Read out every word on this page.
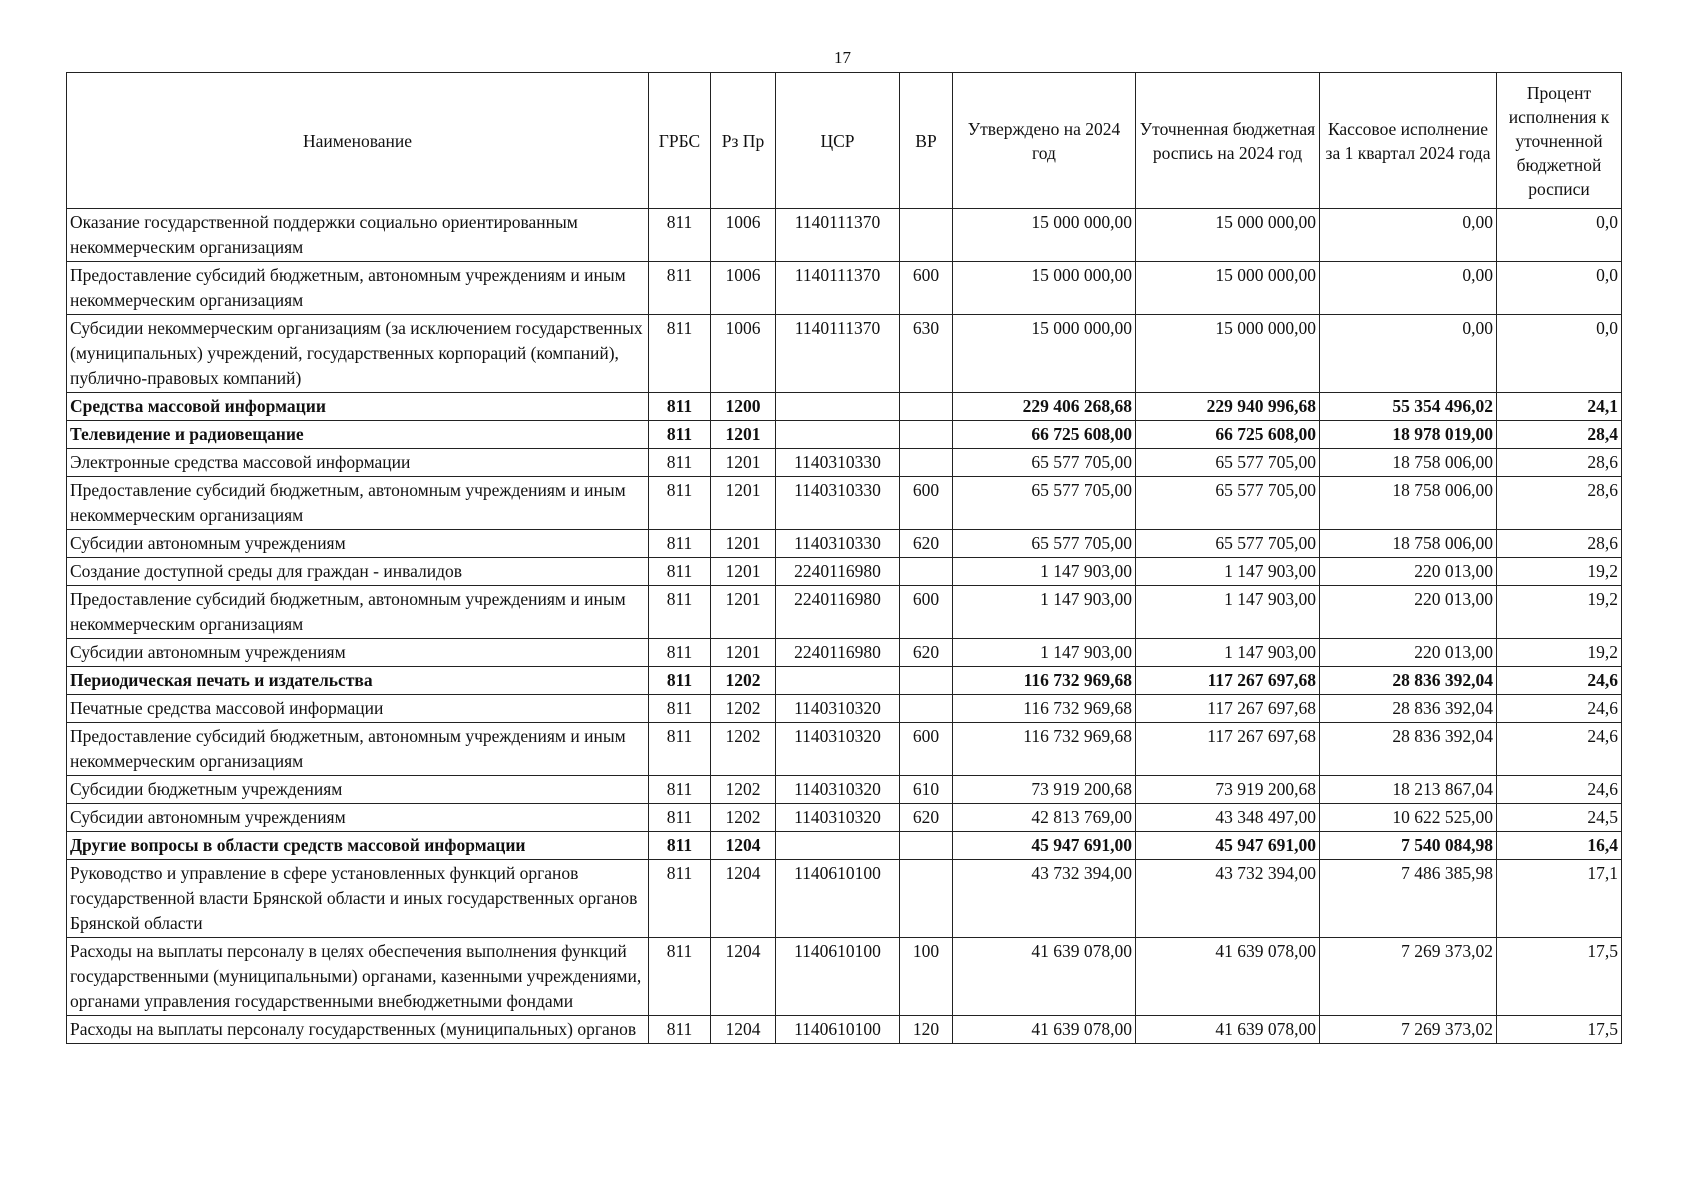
17
Наименование	ГРБС	Рз Пр	ЦСР	ВР	Утверждено на 2024 год	Уточненная бюджетная роспись на 2024 год	Кассовое исполнение за 1 квартал 2024 года	Процент исполнения к уточненной бюджетной росписи
Оказание государственной поддержки социально ориентированным некоммерческим организациям	811	1006	1140111370		15 000 000,00	15 000 000,00	0,00	0,0
Предоставление субсидий бюджетным, автономным учреждениям и иным некоммерческим организациям	811	1006	1140111370	600	15 000 000,00	15 000 000,00	0,00	0,0
Субсидии некоммерческим организациям (за исключением государственных (муниципальных) учреждений, государственных корпораций (компаний), публично-правовых компаний)	811	1006	1140111370	630	15 000 000,00	15 000 000,00	0,00	0,0
Средства массовой информации	811	1200			229 406 268,68	229 940 996,68	55 354 496,02	24,1
Телевидение и радиовещание	811	1201			66 725 608,00	66 725 608,00	18 978 019,00	28,4
Электронные средства массовой информации	811	1201	1140310330		65 577 705,00	65 577 705,00	18 758 006,00	28,6
Предоставление субсидий бюджетным, автономным учреждениям и иным некоммерческим организациям	811	1201	1140310330	600	65 577 705,00	65 577 705,00	18 758 006,00	28,6
Субсидии автономным учреждениям	811	1201	1140310330	620	65 577 705,00	65 577 705,00	18 758 006,00	28,6
Создание доступной среды для граждан - инвалидов	811	1201	2240116980		1 147 903,00	1 147 903,00	220 013,00	19,2
Предоставление субсидий бюджетным, автономным учреждениям и иным некоммерческим организациям	811	1201	2240116980	600	1 147 903,00	1 147 903,00	220 013,00	19,2
Субсидии автономным учреждениям	811	1201	2240116980	620	1 147 903,00	1 147 903,00	220 013,00	19,2
Периодическая печать и издательства	811	1202			116 732 969,68	117 267 697,68	28 836 392,04	24,6
Печатные средства массовой информации	811	1202	1140310320		116 732 969,68	117 267 697,68	28 836 392,04	24,6
Предоставление субсидий бюджетным, автономным учреждениям и иным некоммерческим организациям	811	1202	1140310320	600	116 732 969,68	117 267 697,68	28 836 392,04	24,6
Субсидии бюджетным учреждениям	811	1202	1140310320	610	73 919 200,68	73 919 200,68	18 213 867,04	24,6
Субсидии автономным учреждениям	811	1202	1140310320	620	42 813 769,00	43 348 497,00	10 622 525,00	24,5
Другие вопросы в области средств массовой информации	811	1204			45 947 691,00	45 947 691,00	7 540 084,98	16,4
Руководство и управление в сфере установленных функций органов государственной власти Брянской области и иных государственных органов Брянской области	811	1204	1140610100		43 732 394,00	43 732 394,00	7 486 385,98	17,1
Расходы на выплаты персоналу в целях обеспечения выполнения функций государственными (муниципальными) органами, казенными учреждениями, органами управления государственными внебюджетными фондами	811	1204	1140610100	100	41 639 078,00	41 639 078,00	7 269 373,02	17,5
Расходы на выплаты персоналу государственных (муниципальных) органов	811	1204	1140610100	120	41 639 078,00	41 639 078,00	7 269 373,02	17,5
